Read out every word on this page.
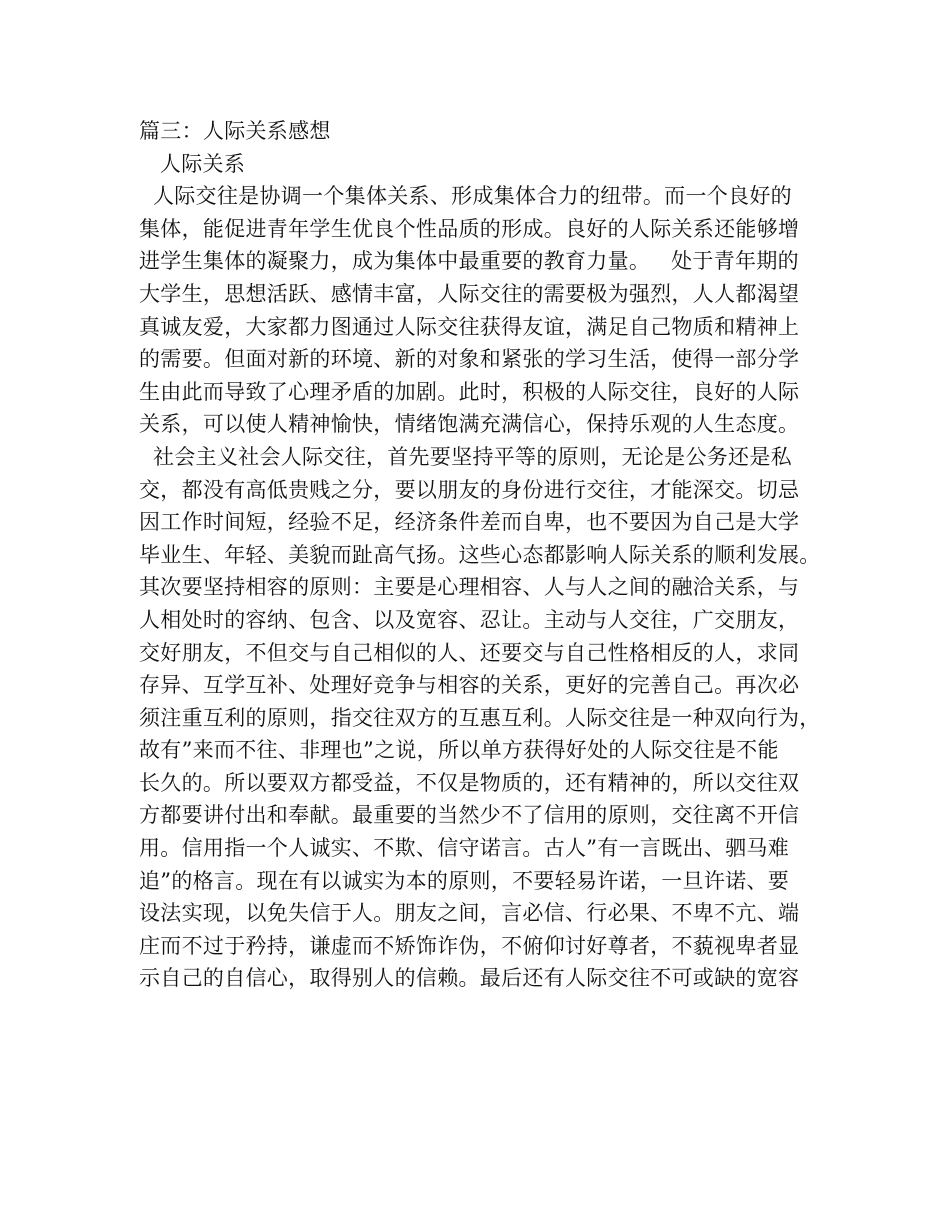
篇三：人际关系感想
人际关系
人际交往是协调一个集体关系、形成集体合力的纽带。而一个良好的
集体，能促进青年学生优良个性品质的形成。良好的人际关系还能够增
进学生集体的凝聚力，成为集体中最重要的教育力量。   处于青年期的
大学生，思想活跃、感情丰富，人际交往的需要极为强烈，人人都渴望
真诚友爱，大家都力图通过人际交往获得友谊，满足自己物质和精神上
的需要。但面对新的环境、新的对象和紧张的学习生活，使得一部分学
生由此而导致了心理矛盾的加剧。此时，积极的人际交往，良好的人际
关系，可以使人精神愉快，情绪饱满充满信心，保持乐观的人生态度。
社会主义社会人际交往，首先要坚持平等的原则，无论是公务还是私
交，都没有高低贵贱之分，要以朋友的身份进行交往，才能深交。切忌
因工作时间短，经验不足，经济条件差而自卑，也不要因为自己是大学
毕业生、年轻、美貌而趾高气扬。这些心态都影响人际关系的顺利发展。
其次要坚持相容的原则：主要是心理相容、人与人之间的融洽关系，与
人相处时的容纳、包含、以及宽容、忍让。主动与人交往，广交朋友，
交好朋友，不但交与自己相似的人、还要交与自己性格相反的人，求同
存异、互学互补、处理好竞争与相容的关系，更好的完善自己。再次必
须注重互利的原则，指交往双方的互惠互利。人际交往是一种双向行为，
故有”来而不往、非理也”之说，所以单方获得好处的人际交往是不能
长久的。所以要双方都受益，不仅是物质的，还有精神的，所以交往双
方都要讲付出和奉献。最重要的当然少不了信用的原则，交往离不开信
用。信用指一个人诚实、不欺、信守诺言。古人”有一言既出、驷马难
追”的格言。现在有以诚实为本的原则，不要轻易许诺，一旦许诺、要
设法实现，以免失信于人。朋友之间，言必信、行必果、不卑不亢、端
庄而不过于矜持，谦虚而不矫饰诈伪，不俯仰讨好尊者，不藐视卑者显
示自己的自信心，取得别人的信赖。最后还有人际交往不可或缺的宽容
